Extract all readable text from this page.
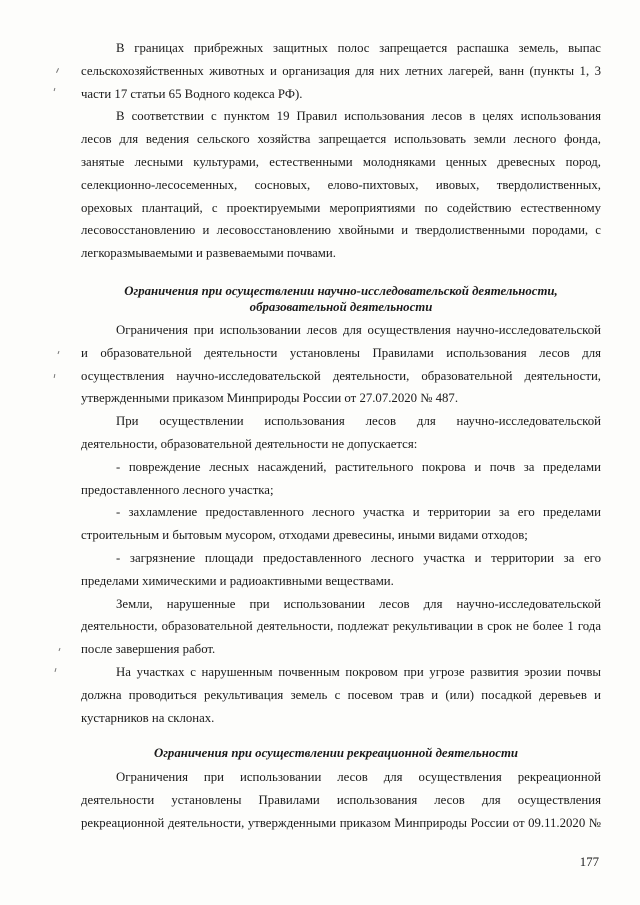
В границах прибрежных защитных полос запрещается распашка земель, выпас
сельскохозяйственных животных и организация для них летних лагерей, ванн (пункты 1, 3
части 17 статьи 65 Водного кодекса РФ).
В соответствии с пунктом 19 Правил использования лесов в целях использования
лесов для ведения сельского хозяйства запрещается использовать земли лесного фонда,
занятые лесными культурами, естественными молодняками ценных древесных пород,
селекционно-лесосеменных, сосновых, елово-пихтовых, ивовых, твердолиственных,
ореховых плантаций, с проектируемыми мероприятиями по содействию естественному
лесовосстановлению и лесовосстановлению хвойными и твердолиственными породами, с
легкоразмываемыми и развеваемыми почвами.
Ограничения при осуществлении научно-исследовательской деятельности,
образовательной деятельности
Ограничения при использовании лесов для осуществления научно-исследовательской
и образовательной деятельности установлены Правилами использования лесов для
осуществления научно-исследовательской деятельности, образовательной деятельности,
утвержденными приказом Минприроды России от 27.07.2020 № 487.
При осуществлении использования лесов для научно-исследовательской
деятельности, образовательной деятельности не допускается:
- повреждение лесных насаждений, растительного покрова и почв за пределами
предоставленного лесного участка;
- захламление предоставленного лесного участка и территории за его пределами
строительным и бытовым мусором, отходами древесины, иными видами отходов;
- загрязнение площади предоставленного лесного участка и территории за его
пределами химическими и радиоактивными веществами.
Земли, нарушенные при использовании лесов для научно-исследовательской
деятельности, образовательной деятельности, подлежат рекультивации в срок не более 1 года
после завершения работ.
На участках с нарушенным почвенным покровом при угрозе развития эрозии почвы
должна проводиться рекультивация земель с посевом трав и (или) посадкой деревьев и
кустарников на склонах.
Ограничения при осуществлении рекреационной деятельности
Ограничения при использовании лесов для осуществления рекреационной
деятельности установлены Правилами использования лесов для осуществления
рекреационной деятельности, утвержденными приказом Минприроды России от 09.11.2020 №
177
